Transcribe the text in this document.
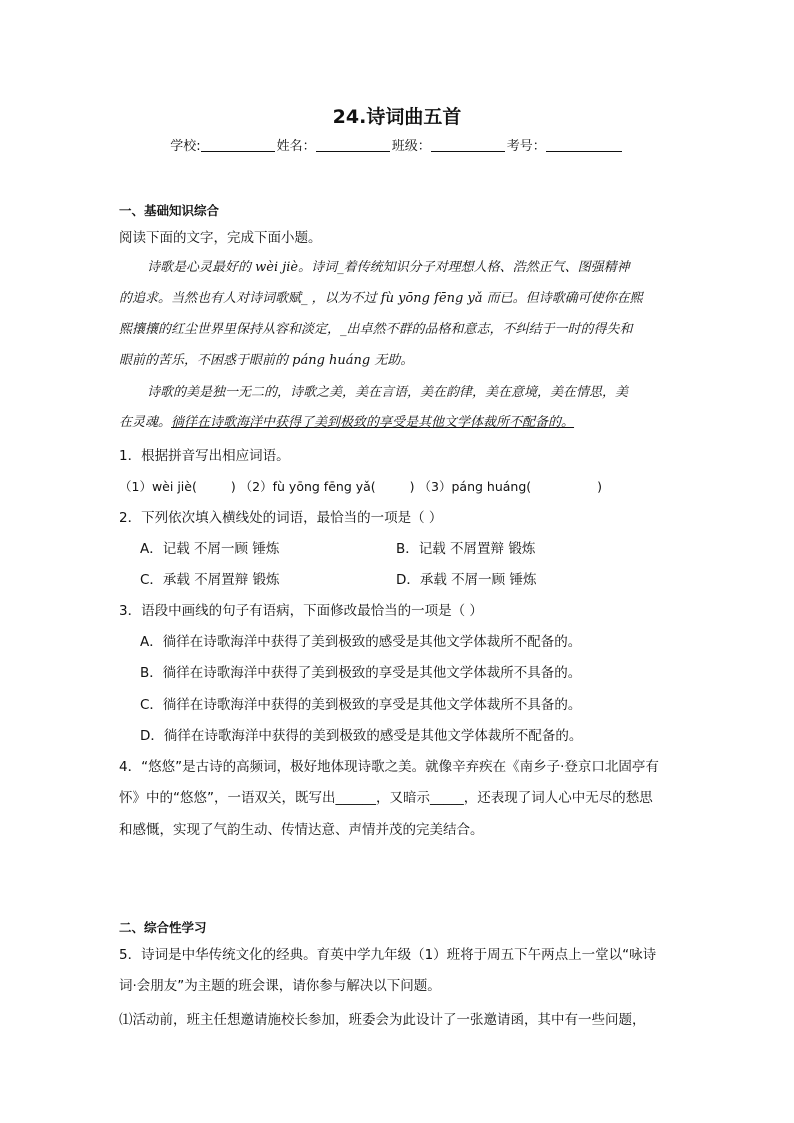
24.诗词曲五首
学校:	姓名：	班级：	考号：
一、基础知识综合
阅读下面的文字，完成下面小题。
诗歌是心灵最好的 wèi jiè。诗词_着传统知识分子对理想人格、浩然正气、图强精神
的追求。当然也有人对诗词歌赋_ ，以为不过 fù yōng fēng yǎ 而已。但诗歌确可使你在熙
熙攘攘的红尘世界里保持从容和淡定，_出卓然不群的品格和意志，不纠结于一时的得失和
眼前的苦乐，不困惑于眼前的 páng huáng 无助。
诗歌的美是独一无二的，诗歌之美，美在言语，美在韵律，美在意境，美在情思，美
在灵魂。徜徉在诗歌海洋中获得了美到极致的享受是其他文学体裁所不配备的。
1．根据拼音写出相应词语。
（1）wèi jiè(	) （2）fù yōng fēng yǎ(	) （3）páng huáng(	)
2．下列依次填入横线处的词语，最恰当的一项是（ ）
A．记载 不屑一顾 锤炼	B．记载 不屑置辩 锻炼
C．承载 不屑置辩 锻炼	D．承载 不屑一顾 锤炼
3．语段中画线的句子有语病，下面修改最恰当的一项是（ ）
A．徜徉在诗歌海洋中获得了美到极致的感受是其他文学体裁所不配备的。
B．徜徉在诗歌海洋中获得了美到极致的享受是其他文学体裁所不具备的。
C．徜徉在诗歌海洋中获得的美到极致的享受是其他文学体裁所不具备的。
D．徜徉在诗歌海洋中获得的美到极致的感受是其他文学体裁所不配备的。
4．“悠悠”是古诗的高频词，极好地体现诗歌之美。就像辛弃疾在《南乡子·登京口北固亭有
怀》中的“悠悠”，一语双关，既写出______，又暗示_____，还表现了词人心中无尽的愁思
和感慨，实现了气韵生动、传情达意、声情并茂的完美结合。
二、综合性学习
5．诗词是中华传统文化的经典。育英中学九年级（1）班将于周五下午两点上一堂以“咏诗
词·会朋友”为主题的班会课，请你参与解决以下问题。
⑴活动前，班主任想邀请施校长参加，班委会为此设计了一张邀请函，其中有一些问题，
